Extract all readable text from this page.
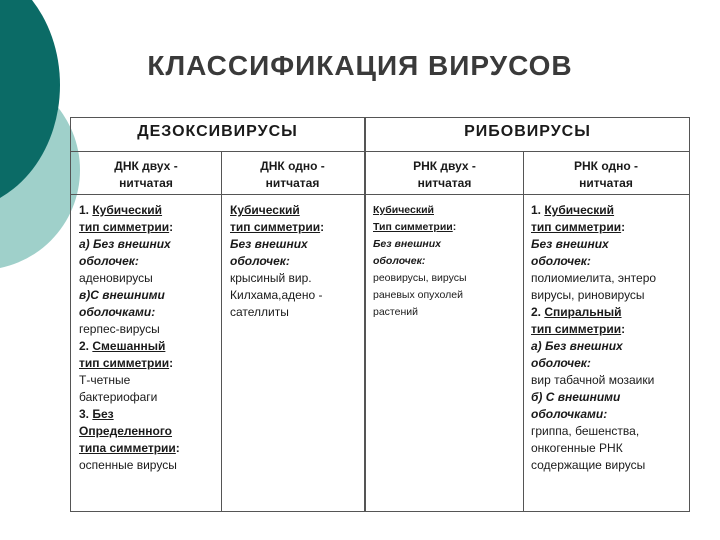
КЛАССИФИКАЦИЯ ВИРУСОВ
ДЕЗОКСИВИРУСЫ	РИБОВИРУСЫ
ДНК двух -
нитчатая
ДНК одно -
нитчатая
РНК двух -
нитчатая
РНК одно -
нитчатая
1. Кубический
тип симметрии:
а) Без внешних
оболочек:
аденовирусы
в)С внешними
оболочками:
герпес-вирусы
2. Смешанный
тип симметрии:
Т-четные
бактериофаги
3. Без
Определенного
типа симметрии:
оспенные вирусы
Кубический
тип симметрии:
Без внешних
оболочек:
крысиный вир.
Килхама,адено -
сателлиты
Кубический
Тип симметрии:
Без внешних
оболочек:
реовирусы, вирусы
раневых опухолей
растений
1. Кубический
тип симметрии:
Без внешних
оболочек:
полиомиелита, энтеро
вирусы, риновирусы
2. Спиральный
тип симметрии:
а) Без внешних
оболочек:
вир табачной мозаики
б) С внешними
оболочками:
гриппа, бешенства,
онкогенные РНК
содержащие вирусы
